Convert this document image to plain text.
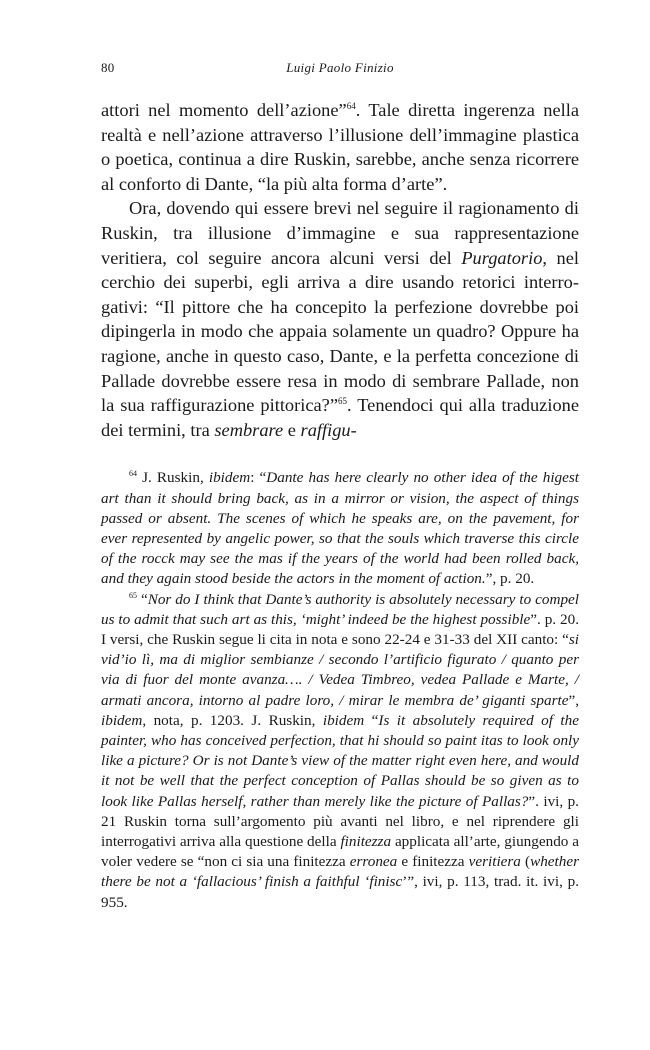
80	Luigi Paolo Finizio

attori nel momento dell’azione”$^{64}$. Tale diretta ingerenza nella realtà e nell’azione attraverso l’illusione dell’immagine plastica o poetica, continua a dire Ruskin, sarebbe, anche senza ricorrere al conforto di Dante, “la più alta forma d’arte”.

Ora, dovendo qui essere brevi nel seguire il ragionamento di Ruskin, tra illusione d’immagine e sua rappresentazione veritiera, col seguire ancora alcuni versi del Purgatorio, nel cerchio dei superbi, egli arriva a dire usando retorici interrogativi: “Il pittore che ha concepito la perfezione dovrebbe poi dipingerla in modo che appaia solamente un quadro? Oppure ha ragione, anche in questo caso, Dante, e la perfetta concezione di Pallade dovrebbe essere resa in modo di sembrare Pallade, non la sua raffigurazione pittorica?”$^{65}$. Tenendoci qui alla traduzione dei termini, tra sembrare e raffigu-

$^{64}$ J. Ruskin, ibidem: “Dante has here clearly no other idea of the higest art than it should bring back, as in a mirror or vision, the aspect of things passed or absent. The scenes of which he speaks are, on the pavement, for ever represented by angelic power, so that the souls which traverse this circle of the rocck may see the mas if the years of the world had been rolled back, and they again stood beside the actors in the moment of action.”, p. 20.

$^{65}$ “Nor do I think that Dante’s authority is absolutely necessary to compel us to admit that such art as this, ‘might’ indeed be the highest possible”. p. 20. I versi, che Ruskin segue li cita in nota e sono 22-24 e 31-33 del XII canto: “si vid’io lì, ma di miglior sembianze / secondo l’artificio figurato / quanto per via di fuor del monte avanza…. / Vedea Timbreo, vedea Pallade e Marte, / armati ancora, intorno al padre loro, / mirar le membra de’ giganti sparte”, ibidem, nota, p. 1203. J. Ruskin, ibidem “Is it absolutely required of the painter, who has conceived perfection, that hi should so paint itas to look only like a picture? Or is not Dante’s view of the matter right even here, and would it not be well that the perfect conception of Pallas should be so given as to look like Pallas herself, rather than merely like the picture of Pallas?”. ivi, p. 21 Ruskin torna sull’argomento più avanti nel libro, e nel riprendere gli interrogativi arriva alla questione della finitezza applicata all’arte, giungendo a voler vedere se “non ci sia una finitezza erronea e finitezza veritiera (whether there be not a ‘fallacious’ finish a faithful ‘finisc’”, ivi, p. 113, trad. it. ivi, p. 955.
